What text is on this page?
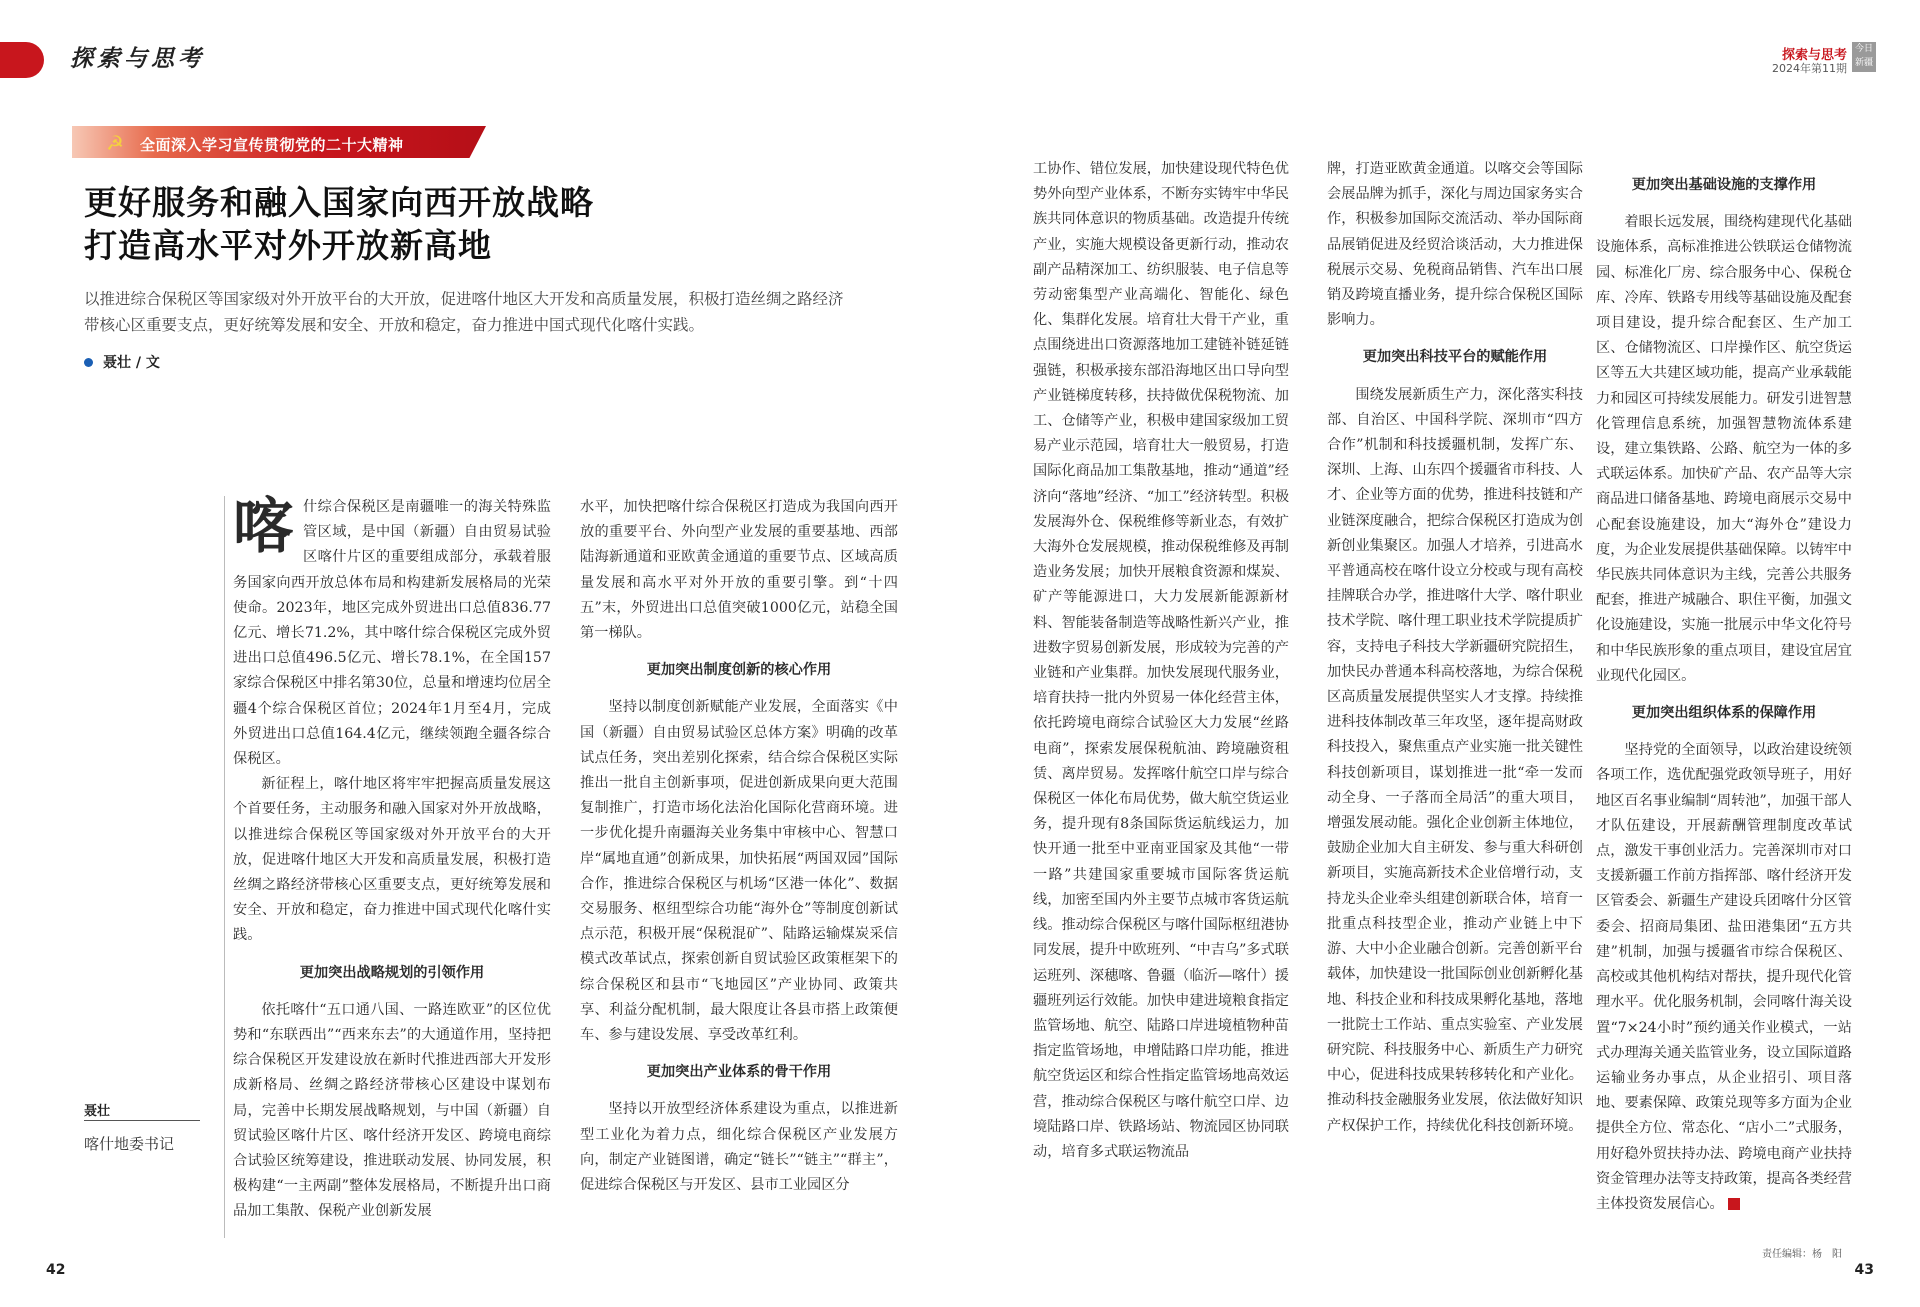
探索与思考	探索与思考
2024年第11期
今日新疆
☭	全面深入学习宣传贯彻党的二十大精神
更好服务和融入国家向西开放战略
打造高水平对外开放新高地
以推进综合保税区等国家级对外开放平台的大开放，促进喀什地区大开发和高质量发展，积极打造丝绸之路经济带核心区重要支点，更好统筹发展和安全、开放和稳定，奋力推进中国式现代化喀什实践。
聂壮 / 文
聂壮
喀什地委书记

喀什综合保税区是南疆唯一的海关特殊监管区域，是中国（新疆）自由贸易试验区喀什片区的重要组成部分，承载着服务国家向西开放总体布局和构建新发展格局的光荣使命。2023年，地区完成外贸进出口总值836.77亿元、增长71.2%，其中喀什综合保税区完成外贸进出口总值496.5亿元、增长78.1%，在全国157家综合保税区中排名第30位，总量和增速均位居全疆4个综合保税区首位；2024年1月至4月，完成外贸进出口总值164.4亿元，继续领跑全疆各综合保税区。

新征程上，喀什地区将牢牢把握高质量发展这个首要任务，主动服务和融入国家对外开放战略，以推进综合保税区等国家级对外开放平台的大开放，促进喀什地区大开发和高质量发展，积极打造丝绸之路经济带核心区重要支点，更好统筹发展和安全、开放和稳定，奋力推进中国式现代化喀什实践。

更加突出战略规划的引领作用

依托喀什“五口通八国、一路连欧亚”的区位优势和“东联西出”“西来东去”的大通道作用，坚持把综合保税区开发建设放在新时代推进西部大开发形成新格局、丝绸之路经济带核心区建设中谋划布局，完善中长期发展战略规划，与中国（新疆）自贸试验区喀什片区、喀什经济开发区、跨境电商综合试验区统筹建设，推进联动发展、协同发展，积极构建“一主两副”整体发展格局，不断提升出口商品加工集散、保税产业创新发展

水平，加快把喀什综合保税区打造成为我国向西开放的重要平台、外向型产业发展的重要基地、西部陆海新通道和亚欧黄金通道的重要节点、区域高质量发展和高水平对外开放的重要引擎。到“十四五”末，外贸进出口总值突破1000亿元，站稳全国第一梯队。

更加突出制度创新的核心作用

坚持以制度创新赋能产业发展，全面落实《中国（新疆）自由贸易试验区总体方案》明确的改革试点任务，突出差别化探索，结合综合保税区实际推出一批自主创新事项，促进创新成果向更大范围复制推广，打造市场化法治化国际化营商环境。进一步优化提升南疆海关业务集中审核中心、智慧口岸“属地直通”创新成果，加快拓展“两国双园”国际合作，推进综合保税区与机场“区港一体化”、数据交易服务、枢纽型综合功能“海外仓”等制度创新试点示范，积极开展“保税混矿”、陆路运输煤炭采信模式改革试点，探索创新自贸试验区政策框架下的综合保税区和县市“飞地园区”产业协同、政策共享、利益分配机制，最大限度让各县市搭上政策便车、参与建设发展、享受改革红利。

更加突出产业体系的骨干作用

坚持以开放型经济体系建设为重点，以推进新型工业化为着力点，细化综合保税区产业发展方向，制定产业链图谱，确定“链长”“链主”“群主”，促进综合保税区与开发区、县市工业园区分

工协作、错位发展，加快建设现代特色优势外向型产业体系，不断夯实铸牢中华民族共同体意识的物质基础。改造提升传统产业，实施大规模设备更新行动，推动农副产品精深加工、纺织服装、电子信息等劳动密集型产业高端化、智能化、绿色化、集群化发展。培育壮大骨干产业，重点围绕进出口资源落地加工建链补链延链强链，积极承接东部沿海地区出口导向型产业链梯度转移，扶持做优保税物流、加工、仓储等产业，积极申建国家级加工贸易产业示范园，培育壮大一般贸易，打造国际化商品加工集散基地，推动“通道”经济向“落地”经济、“加工”经济转型。积极发展海外仓、保税维修等新业态，有效扩大海外仓发展规模，推动保税维修及再制造业务发展；加快开展粮食资源和煤炭、矿产等能源进口，大力发展新能源新材料、智能装备制造等战略性新兴产业，推进数字贸易创新发展，形成较为完善的产业链和产业集群。加快发展现代服务业，培育扶持一批内外贸易一体化经营主体，依托跨境电商综合试验区大力发展“丝路电商”，探索发展保税航油、跨境融资租赁、离岸贸易。发挥喀什航空口岸与综合保税区一体化布局优势，做大航空货运业务，提升现有8条国际货运航线运力，加快开通一批至中亚南亚国家及其他“一带一路”共建国家重要城市国际客货运航线，加密至国内外主要节点城市客货运航线。推动综合保税区与喀什国际枢纽港协同发展，提升中欧班列、“中吉乌”多式联运班列、深穗喀、鲁疆（临沂—喀什）援疆班列运行效能。加快申建进境粮食指定监管场地、航空、陆路口岸进境植物种苗指定监管场地，申增陆路口岸功能，推进航空货运区和综合性指定监管场地高效运营，推动综合保税区与喀什航空口岸、边境陆路口岸、铁路场站、物流园区协同联动，培育多式联运物流品

牌，打造亚欧黄金通道。以喀交会等国际会展品牌为抓手，深化与周边国家务实合作，积极参加国际交流活动、举办国际商品展销促进及经贸洽谈活动，大力推进保税展示交易、免税商品销售、汽车出口展销及跨境直播业务，提升综合保税区国际影响力。

更加突出科技平台的赋能作用

围绕发展新质生产力，深化落实科技部、自治区、中国科学院、深圳市“四方合作”机制和科技援疆机制，发挥广东、深圳、上海、山东四个援疆省市科技、人才、企业等方面的优势，推进科技链和产业链深度融合，把综合保税区打造成为创新创业集聚区。加强人才培养，引进高水平普通高校在喀什设立分校或与现有高校挂牌联合办学，推进喀什大学、喀什职业技术学院、喀什理工职业技术学院提质扩容，支持电子科技大学新疆研究院招生，加快民办普通本科高校落地，为综合保税区高质量发展提供坚实人才支撑。持续推进科技体制改革三年攻坚，逐年提高财政科技投入，聚焦重点产业实施一批关键性科技创新项目，谋划推进一批“牵一发而动全身、一子落而全局活”的重大项目，增强发展动能。强化企业创新主体地位，鼓励企业加大自主研发、参与重大科研创新项目，实施高新技术企业倍增行动，支持龙头企业牵头组建创新联合体，培育一批重点科技型企业，推动产业链上中下游、大中小企业融合创新。完善创新平台载体，加快建设一批国际创业创新孵化基地、科技企业和科技成果孵化基地，落地一批院士工作站、重点实验室、产业发展研究院、科技服务中心、新质生产力研究中心，促进科技成果转移转化和产业化。推动科技金融服务业发展，依法做好知识产权保护工作，持续优化科技创新环境。

更加突出基础设施的支撑作用

着眼长远发展，围绕构建现代化基础设施体系，高标准推进公铁联运仓储物流园、标准化厂房、综合服务中心、保税仓库、冷库、铁路专用线等基础设施及配套项目建设，提升综合配套区、生产加工区、仓储物流区、口岸操作区、航空货运区等五大共建区域功能，提高产业承载能力和园区可持续发展能力。研发引进智慧化管理信息系统，加强智慧物流体系建设，建立集铁路、公路、航空为一体的多式联运体系。加快矿产品、农产品等大宗商品进口储备基地、跨境电商展示交易中心配套设施建设，加大“海外仓”建设力度，为企业发展提供基础保障。以铸牢中华民族共同体意识为主线，完善公共服务配套，推进产城融合、职住平衡，加强文化设施建设，实施一批展示中华文化符号和中华民族形象的重点项目，建设宜居宜业现代化园区。

更加突出组织体系的保障作用

坚持党的全面领导，以政治建设统领各项工作，选优配强党政领导班子，用好地区百名事业编制“周转池”，加强干部人才队伍建设，开展薪酬管理制度改革试点，激发干事创业活力。完善深圳市对口支援新疆工作前方指挥部、喀什经济开发区管委会、新疆生产建设兵团喀什分区管委会、招商局集团、盐田港集团“五方共建”机制，加强与援疆省市综合保税区、高校或其他机构结对帮扶，提升现代化管理水平。优化服务机制，会同喀什海关设置“7×24小时”预约通关作业模式，一站式办理海关通关监管业务，设立国际道路运输业务办事点，从企业招引、项目落地、要素保障、政策兑现等多方面为企业提供全方位、常态化、“店小二”式服务，用好稳外贸扶持办法、跨境电商产业扶持资金管理办法等支持政策，提高各类经营主体投资发展信心。

42
责任编辑：杨　阳
43
